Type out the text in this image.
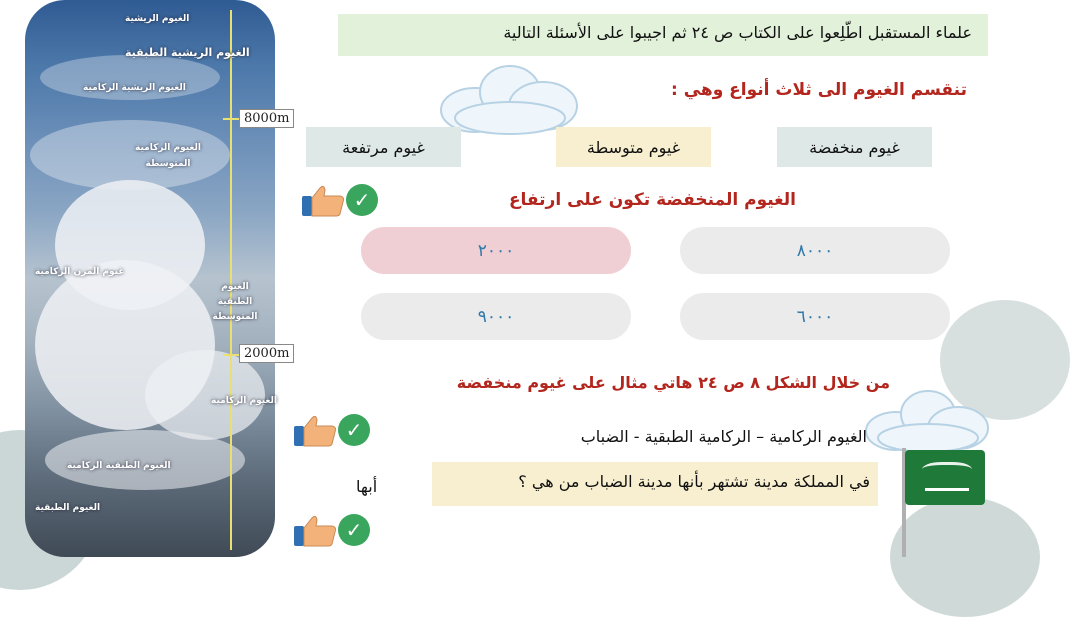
8000m
2000m
الغيوم الريشية
الغيوم الريشية الطبقية
الغيوم الريشية الركامية
الغيوم الركامية المتوسطة
غيوم المزن الركامية
الغيوم الطبقية المتوسطة
الغيوم الركامية
الغيوم الطبقية الركامية
الغيوم الطبقية
علماء المستقبل اطّلِعوا على الكتاب ص ٢٤ ثم اجيبوا على الأسئلة التالية
تنقسم الغيوم الى ثلاث أنواع وهي :
غيوم منخفضة
غيوم متوسطة
غيوم مرتفعة
✓
✓
✓
الغيوم المنخفضة تكون على ارتفاع
٨٠٠٠
٢٠٠٠
٦٠٠٠
٩٠٠٠
من خلال الشكل ٨ ص ٢٤ هاتي مثال على غيوم منخفضة
الغيوم الركامية – الركامية الطبقية - الضباب
في المملكة مدينة تشتهر بأنها مدينة الضباب من هي ؟
أبها
